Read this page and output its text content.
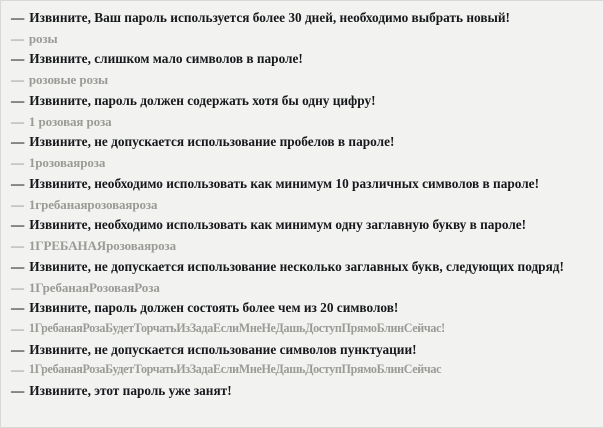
— Извините, Ваш пароль используется более 30 дней, необходимо выбрать новый!
— розы
— Извините, слишком мало символов в пароле!
— розовые розы
— Извините, пароль должен содержать хотя бы одну цифру!
— 1 розовая роза
— Извините, не допускается использование пробелов в пароле!
— 1розоваяроза
— Извините, необходимо использовать как минимум 10 различных символов в пароле!
— 1гребанаярозоваяроза
— Извините, необходимо использовать как минимум одну заглавную букву в пароле!
— 1ГРЕБАНАЯрозоваяроза
— Извините, не допускается использование несколько заглавных букв, следующих подряд!
— 1ГребанаяРозоваяРоза
— Извините, пароль должен состоять более чем из 20 символов!
— 1ГребанаяРозаБудетТорчатьИзЗадаЕслиМнеНеДашьДоступПрямоБлинСейчас!
— Извините, не допускается использование символов пунктуации!
— 1ГребанаяРозаБудетТорчатьИзЗадаЕслиМнеНеДашьДоступПрямоБлинСейчас
— Извините, этот пароль уже занят!
